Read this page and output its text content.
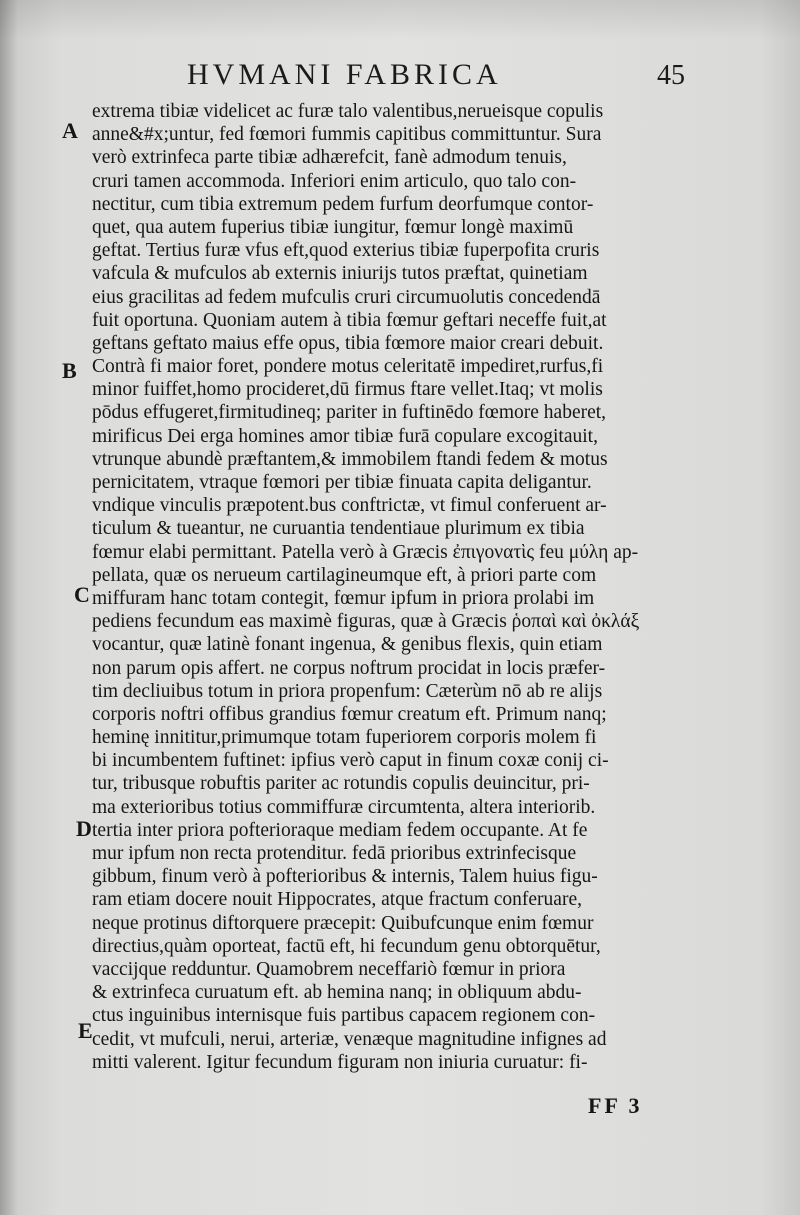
HVMANI FABRICA	45
A
B
C
D
E
extrema tibiæ videlicet ac furæ talo valentibus,nerueisque copulis
anne&#x;untur, fed fœmori fummis capitibus committuntur. Sura
verò extrinfeca parte tibiæ adhærefcit, fanè admodum tenuis,
cruri tamen accommoda. Inferiori enim articulo, quo talo con-
nectitur, cum tibia extremum pedem furfum deorfumque contor-
quet, qua autem fuperius tibiæ iungitur, fœmur longè maximū
geftat. Tertius furæ vfus eft,quod exterius tibiæ fuperpofita cruris
vafcula & mufculos ab externis iniurijs tutos præftat, quinetiam
eius gracilitas ad fedem mufculis cruri circumuolutis concedendā
fuit oportuna. Quoniam autem à tibia fœmur geftari neceffe fuit,at
geftans geftato maius effe opus, tibia fœmore maior creari debuit.
Contrà fi maior foret, pondere motus celeritatē impediret,rurfus,fi
minor fuiffet,homo procideret,dū firmus ftare vellet.Itaq; vt molis
pōdus effugeret,firmitudineq; pariter in fuftinēdo fœmore haberet,
mirificus Dei erga homines amor tibiæ furā copulare excogitauit,
vtrunque abundè præftantem,& immobilem ftandi fedem & motus
pernicitatem, vtraque fœmori per tibiæ finuata capita deligantur.
vndique vinculis præpotent.bus conftrictæ, vt fimul conferuent ar-
ticulum & tueantur, ne curuantia tendentiaue plurimum ex tibia
fœmur elabi permittant. Patella verò à Græcis ἐπιγονατὶς feu μύλη ap-
pellata, quæ os nerueum cartilagineumque eft, à priori parte com
miffuram hanc totam contegit, fœmur ipfum in priora prolabi im
pediens fecundum eas maximè figuras, quæ à Græcis ῥοπαὶ καὶ ὀκλάξ
vocantur, quæ latinè fonant ingenua, & genibus flexis, quin etiam
non parum opis affert. ne corpus noftrum procidat in locis præfer-
tim decliuibus totum in priora propenfum: Cæterùm nō ab re alijs
corporis noftri offibus grandius fœmur creatum eft. Primum nanq;
heminę innititur,primumque totam fuperiorem corporis molem fi
bi incumbentem fuftinet: ipfius verò caput in finum coxæ conij ci-
tur, tribusque robuftis pariter ac rotundis copulis deuincitur, pri-
ma exterioribus totius commiffuræ circumtenta, altera interiorib.
tertia inter priora pofterioraque mediam fedem occupante. At fe
mur ipfum non recta protenditur. fedā prioribus extrinfecisque
gibbum, finum verò à pofterioribus & internis, Talem huius figu-
ram etiam docere nouit Hippocrates, atque fractum conferuare,
neque protinus diftorquere præcepit: Quibufcunque enim fœmur
directius,quàm oporteat, factū eft, hi fecundum genu obtorquētur,
vaccijque redduntur. Quamobrem neceffariò fœmur in priora
& extrinfeca curuatum eft. ab hemina nanq; in obliquum abdu-
ctus inguinibus internisque fuis partibus capacem regionem con-
cedit, vt mufculi, nerui, arteriæ, venæque magnitudine infignes ad
mitti valerent. Igitur fecundum figuram non iniuria curuatur: fi-
FF 3
